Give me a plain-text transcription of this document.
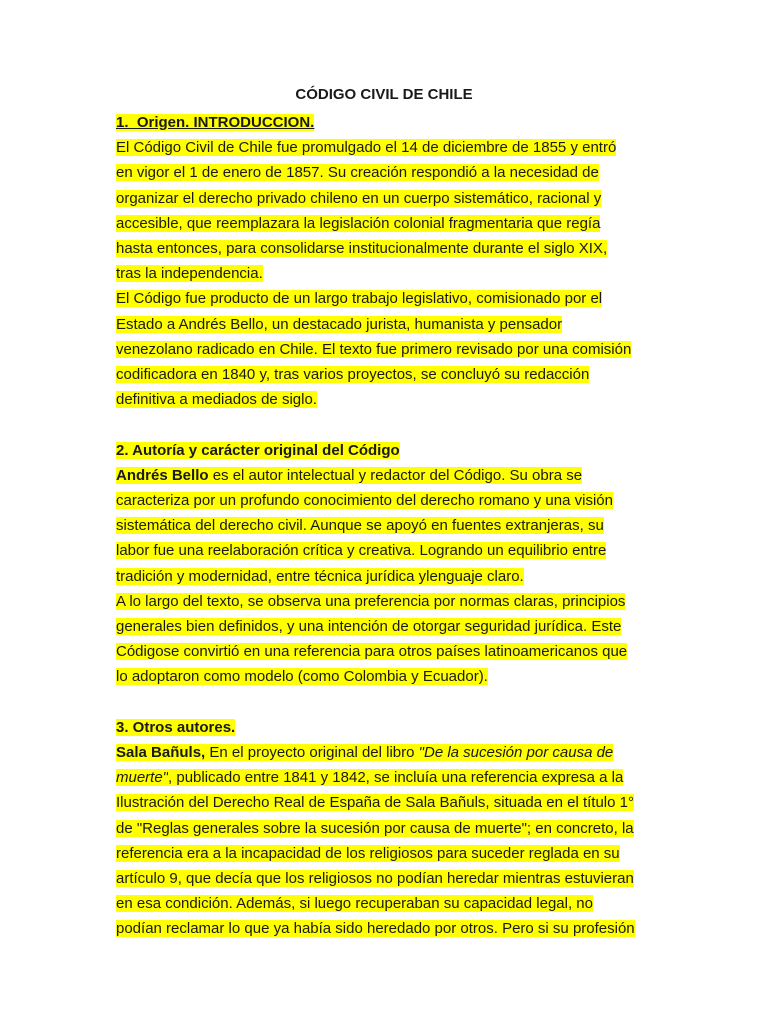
CÓDIGO CIVIL DE CHILE
1.  Origen. INTRODUCCION.
El Código Civil de Chile fue promulgado el 14 de diciembre de 1855 y entró
en vigor el 1 de enero de 1857. Su creación respondió a la necesidad de
organizar el derecho privado chileno en un cuerpo sistemático, racional y
accesible, que reemplazara la legislación colonial fragmentaria que regía
hasta entonces, para consolidarse institucionalmente durante el siglo XIX,
tras la independencia.
El Código fue producto de un largo trabajo legislativo, comisionado por el
Estado a Andrés Bello, un destacado jurista, humanista y pensador
venezolano radicado en Chile. El texto fue primero revisado por una comisión
codificadora en 1840 y, tras varios proyectos, se concluyó su redacción
definitiva a mediados de siglo.
2. Autoría y carácter original del Código
Andrés Bello es el autor intelectual y redactor del Código. Su obra se
caracteriza por un profundo conocimiento del derecho romano y una visión
sistemática del derecho civil. Aunque se apoyó en fuentes extranjeras, su
labor fue una reelaboración crítica y creativa. Logrando un equilibrio entre
tradición y modernidad, entre técnica jurídica ylenguaje claro.
A lo largo del texto, se observa una preferencia por normas claras, principios
generales bien definidos, y una intención de otorgar seguridad jurídica. Este
Códigose convirtió en una referencia para otros países latinoamericanos que
lo adoptaron como modelo (como Colombia y Ecuador).
3. Otros autores.
Sala Bañuls, En el proyecto original del libro "De la sucesión por causa de
muerte", publicado entre 1841 y 1842, se incluía una referencia expresa a la
Ilustración del Derecho Real de España de Sala Bañuls, situada en el título 1°
de "Reglas generales sobre la sucesión por causa de muerte"; en concreto, la
referencia era a la incapacidad de los religiosos para suceder reglada en su
artículo 9, que decía que los religiosos no podían heredar mientras estuvieran
en esa condición. Además, si luego recuperaban su capacidad legal, no
podían reclamar lo que ya había sido heredado por otros. Pero si su profesión
